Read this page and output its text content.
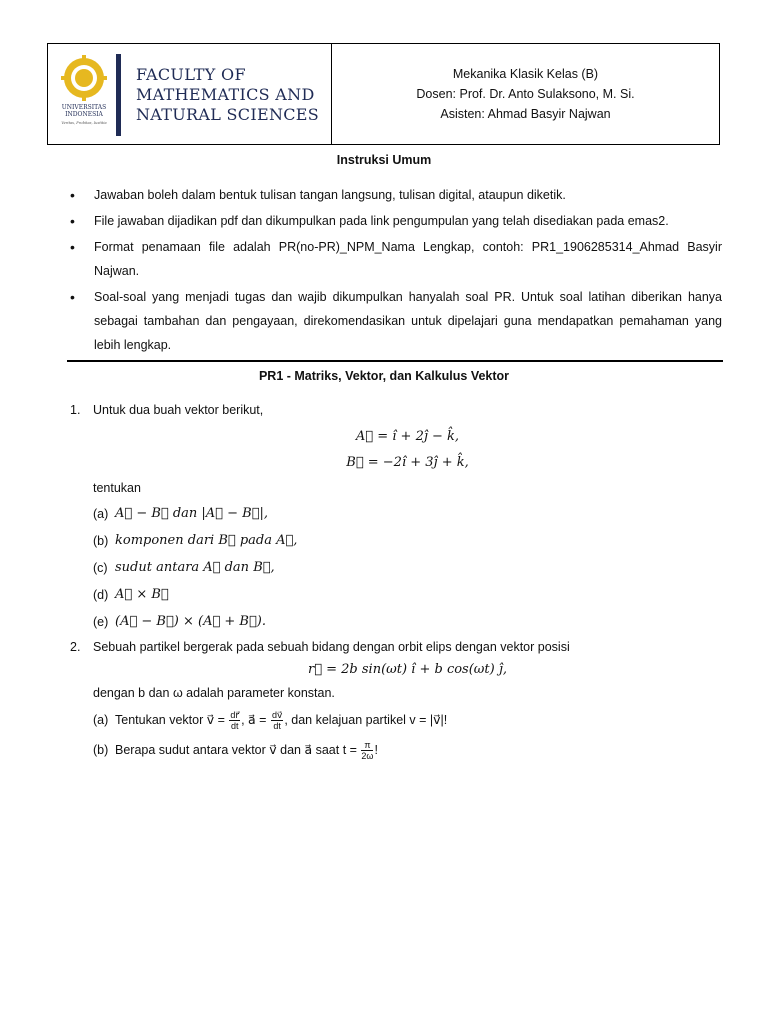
UNIVERSITAS
INDONESIA
Veritas, Probitas, Iustitia
FACULTY OF
MATHEMATICS AND
NATURAL SCIENCES
Mekanika Klasik Kelas (B)
Dosen: Prof. Dr. Anto Sulaksono, M. Si.
Asisten: Ahmad Basyir Najwan
Instruksi Umum
•	Jawaban boleh dalam bentuk tulisan tangan langsung, tulisan digital, ataupun diketik.
•	File jawaban dijadikan pdf dan dikumpulkan pada link pengumpulan yang telah disediakan pada emas2.
•	Format penamaan file adalah PR(no-PR)_NPM_Nama Lengkap, contoh: PR1_1906285314_Ahmad Basyir Najwan.
•	Soal-soal yang menjadi tugas dan wajib dikumpulkan hanyalah soal PR. Untuk soal latihan diberikan hanya sebagai tambahan dan pengayaan, direkomendasikan untuk dipelajari guna mendapatkan pemahaman yang lebih lengkap.
PR1 - Matriks, Vektor, dan Kalkulus Vektor
1.	Untuk dua buah vektor berikut,
A⃗ = ı̂ + 2ȷ̂ − k̂,
B⃗ = −2ı̂ + 3ȷ̂ + k̂,
tentukan
(a) A⃗ − B⃗ dan |A⃗ − B⃗|,
(b) komponen dari B⃗ pada A⃗,
(c) sudut antara A⃗ dan B⃗,
(d) A⃗ × B⃗
(e) (A⃗ − B⃗) × (A⃗ + B⃗).
2.	Sebuah partikel bergerak pada sebuah bidang dengan orbit elips dengan vektor posisi
r⃗ = 2b sin(ωt) ı̂ + b cos(ωt) ȷ̂,
dengan b dan ω adalah parameter konstan.
(a) Tentukan vektor v⃗ = $\frac{dr⃗}{dt}$ , a⃗ = $\frac{dv⃗}{dt}$ , dan kelajuan partikel v = |v⃗|!
(b) Berapa sudut antara vektor v⃗ dan a⃗ saat $t = \frac{\pi}{2\omega}$ !
